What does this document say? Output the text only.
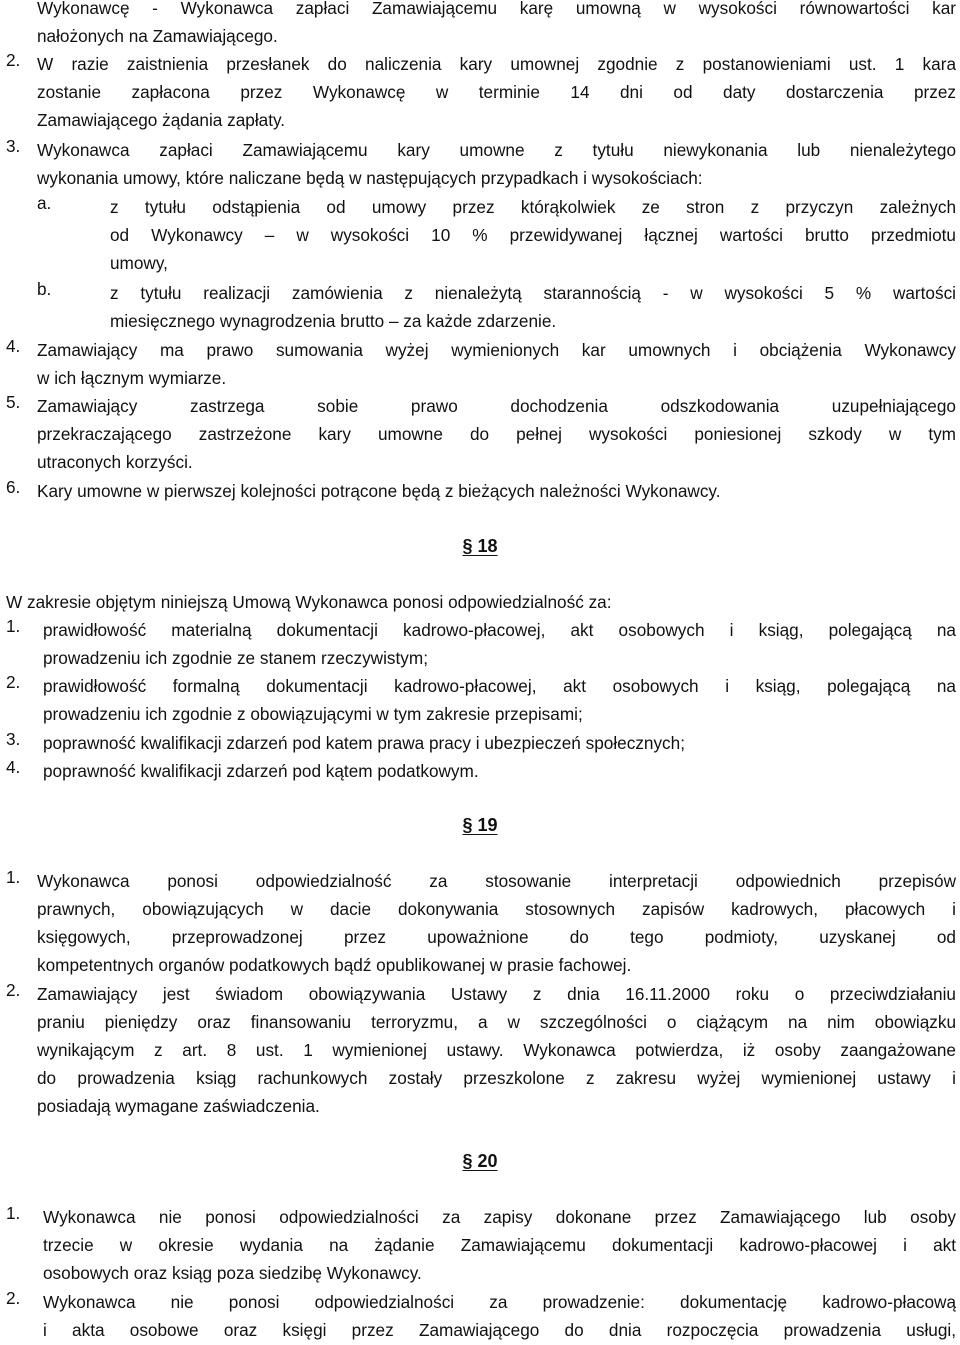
Wykonawcę - Wykonawca zapłaci Zamawiającemu karę umowną w wysokości równowartości kar
nałożonych na Zamawiającego.
2. W razie zaistnienia przesłanek do naliczenia kary umownej zgodnie z postanowieniami ust. 1 kara
zostanie zapłacona przez Wykonawcę w terminie 14 dni od daty dostarczenia przez
Zamawiającego żądania zapłaty.
3. Wykonawca zapłaci Zamawiającemu kary umowne z tytułu niewykonania lub nienależytego
wykonania umowy, które naliczane będą w następujących przypadkach i wysokościach:
a.	z tytułu odstąpienia od umowy przez którąkolwiek ze stron z przyczyn zależnych
od Wykonawcy – w wysokości 10 % przewidywanej łącznej wartości brutto przedmiotu
umowy,
b.	z tytułu realizacji zamówienia z nienależytą starannością - w wysokości 5 % wartości
miesięcznego wynagrodzenia brutto – za każde zdarzenie.
4. Zamawiający ma prawo sumowania wyżej wymienionych kar umownych i obciążenia Wykonawcy
w ich łącznym wymiarze.
5. Zamawiający zastrzega sobie prawo dochodzenia odszkodowania uzupełniającego
przekraczającego zastrzeżone kary umowne do pełnej wysokości poniesionej szkody w tym
utraconych korzyści.
6. Kary umowne w pierwszej kolejności potrącone będą z bieżących należności Wykonawcy.
§ 18
W zakresie objętym niniejszą Umową Wykonawca ponosi odpowiedzialność za:
1. prawidłowość materialną dokumentacji kadrowo-płacowej, akt osobowych i ksiąg, polegającą na
prowadzeniu ich zgodnie ze stanem rzeczywistym;
2. prawidłowość formalną dokumentacji kadrowo-płacowej, akt osobowych i ksiąg, polegającą na
prowadzeniu ich zgodnie z obowiązującymi w tym zakresie przepisami;
3. poprawność kwalifikacji zdarzeń pod katem prawa pracy i ubezpieczeń społecznych;
4. poprawność kwalifikacji zdarzeń pod kątem podatkowym.
§ 19
1. Wykonawca ponosi odpowiedzialność za stosowanie interpretacji odpowiednich przepisów
prawnych, obowiązujących w dacie dokonywania stosownych zapisów kadrowych, płacowych i
księgowych, przeprowadzonej przez upoważnione do tego podmioty, uzyskanej od
kompetentnych organów podatkowych bądź opublikowanej w prasie fachowej.
2. Zamawiający jest świadom obowiązywania Ustawy z dnia 16.11.2000 roku o przeciwdziałaniu
praniu pieniędzy oraz finansowaniu terroryzmu, a w szczególności o ciążącym na nim obowiązku
wynikającym z art. 8 ust. 1 wymienionej ustawy. Wykonawca potwierdza, iż osoby zaangażowane
do prowadzenia ksiąg rachunkowych zostały przeszkolone z zakresu wyżej wymienionej ustawy i
posiadają wymagane zaświadczenia.
§ 20
1. Wykonawca nie ponosi odpowiedzialności za zapisy dokonane przez Zamawiającego lub osoby
trzecie w okresie wydania na żądanie Zamawiającemu dokumentacji kadrowo-płacowej i akt
osobowych oraz ksiąg poza siedzibę Wykonawcy.
2. Wykonawca nie ponosi odpowiedzialności za prowadzenie: dokumentację kadrowo-płacową
i akta osobowe oraz księgi przez Zamawiającego do dnia rozpoczęcia prowadzenia usługi,
